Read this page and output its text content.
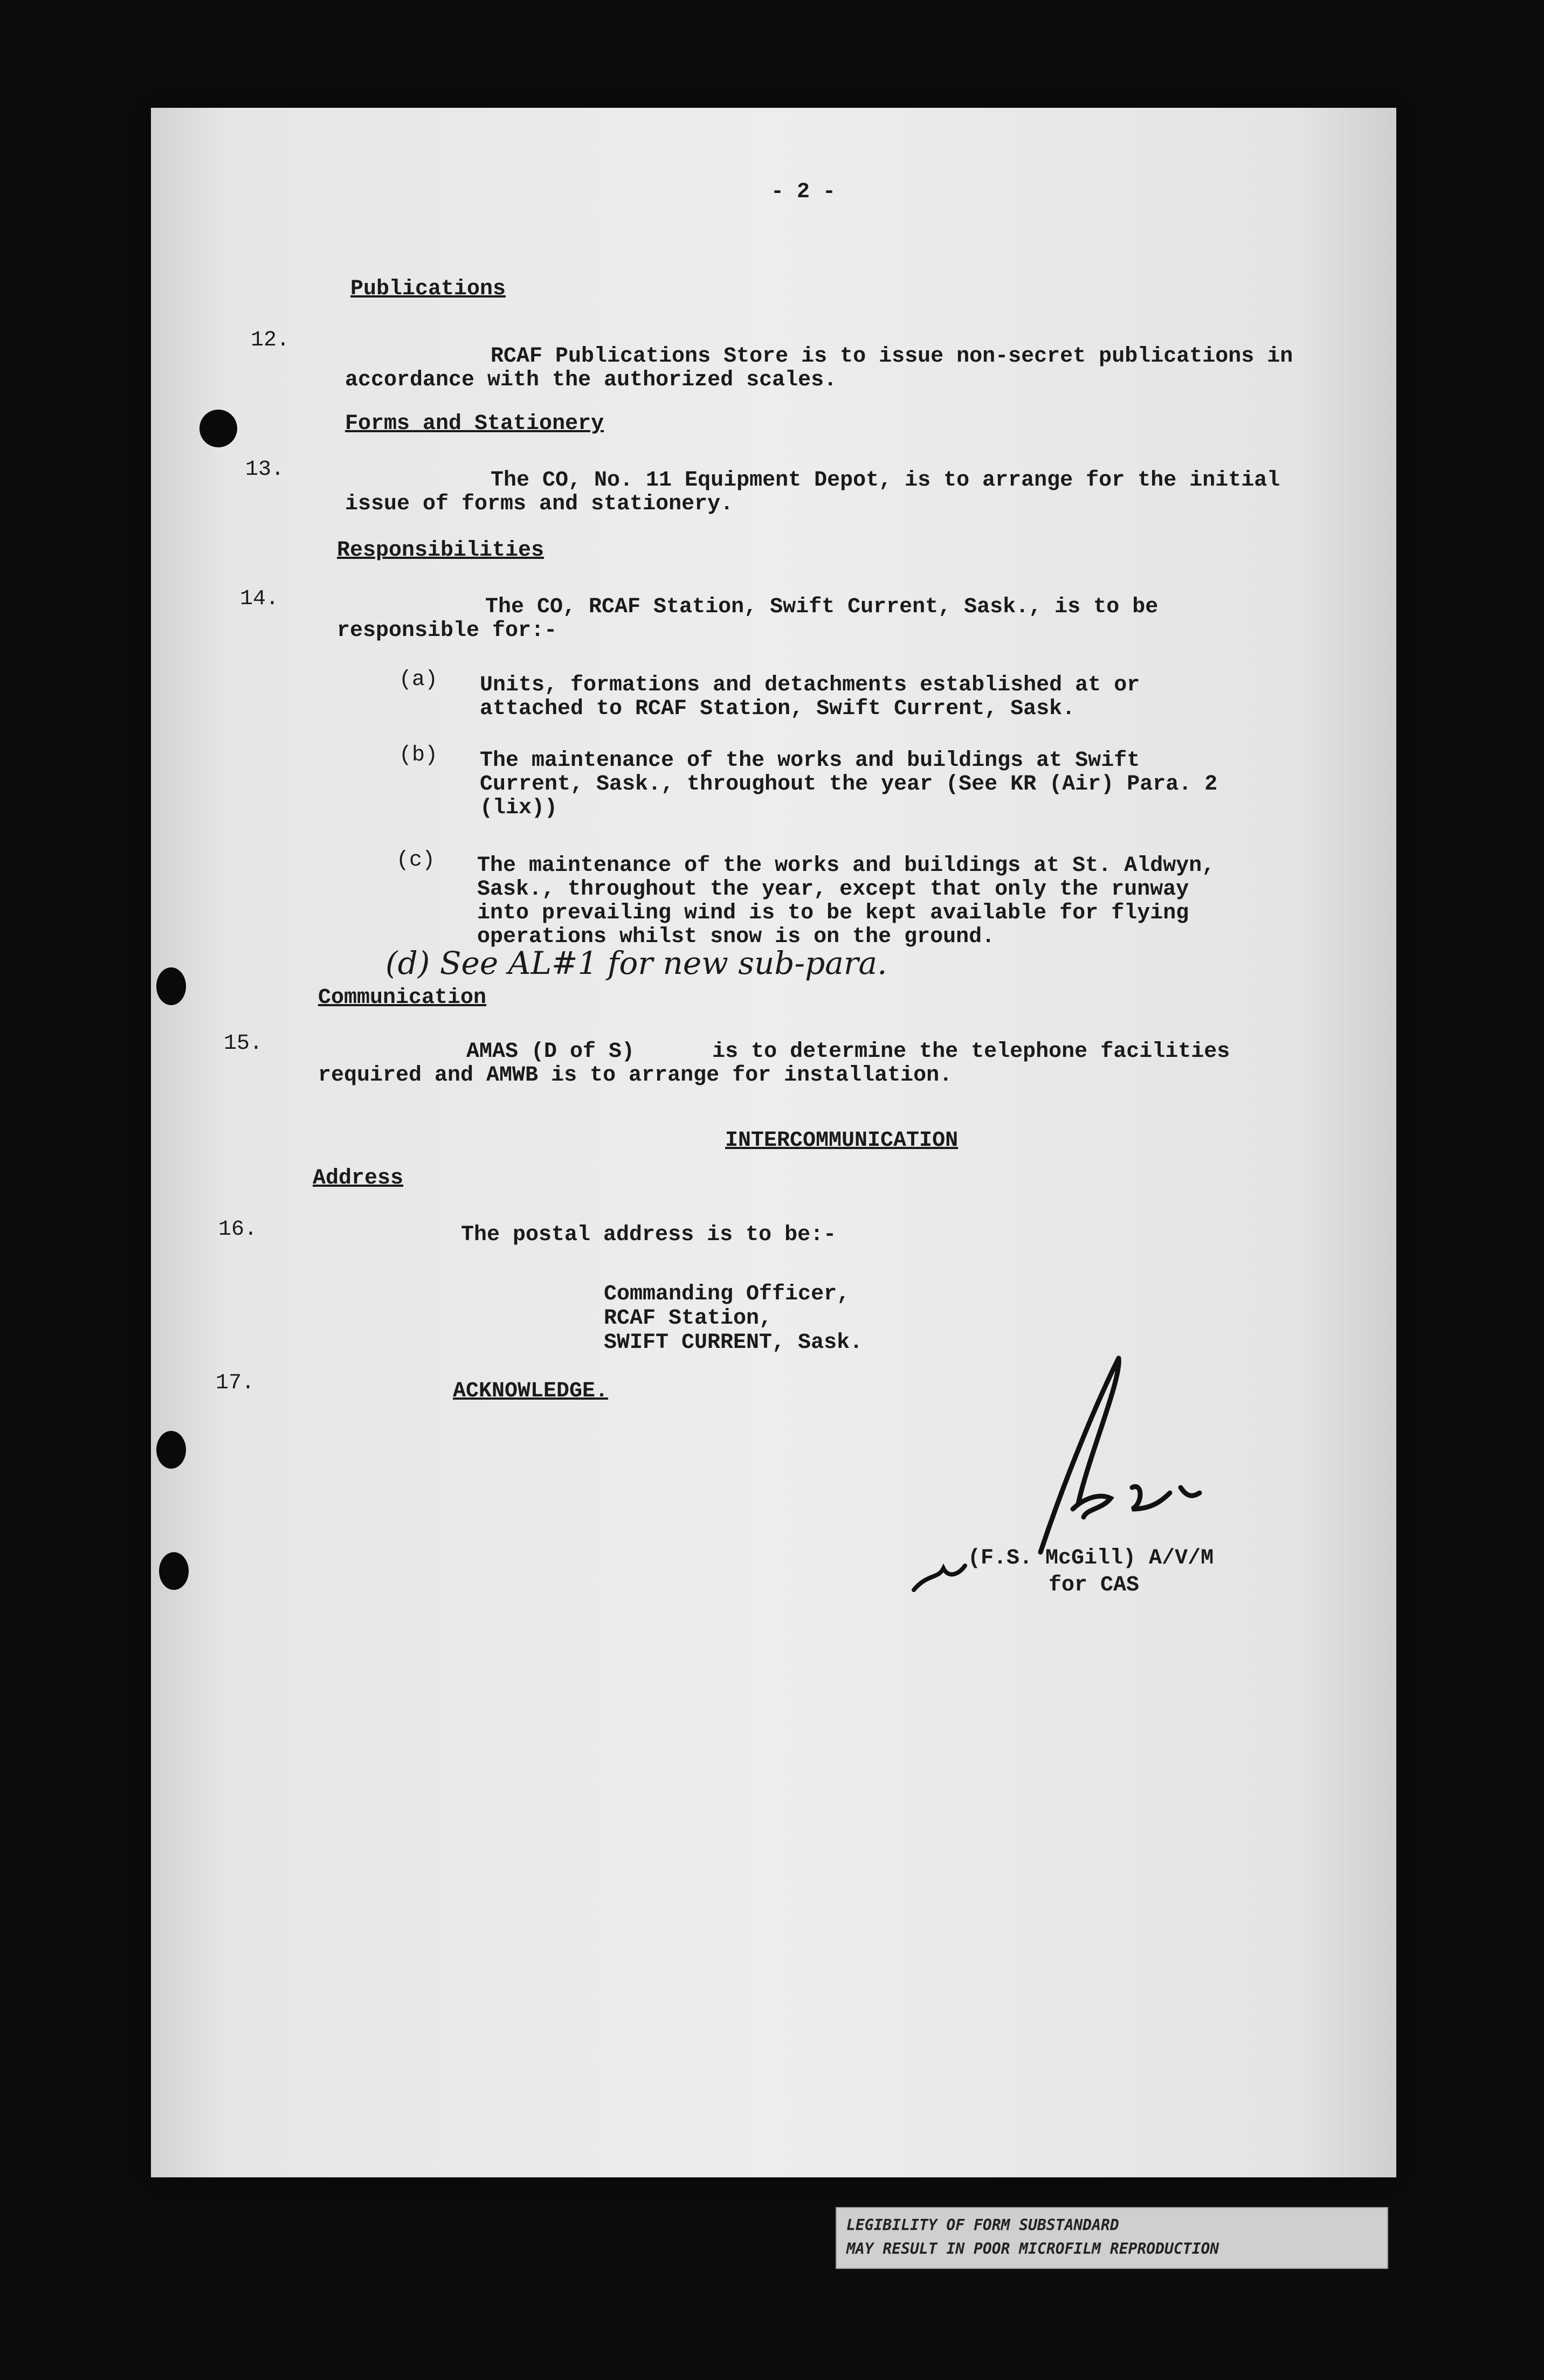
- 2 -
Publications
12.
RCAF Publications Store is to issue non-secret publications in accordance with the authorized scales.
Forms and Stationery
13.	The CO, No. 11 Equipment Depot, is to arrange for the initial issue of forms and stationery.
Responsibilities
14.	The CO, RCAF Station, Swift Current, Sask., is to be responsible for:-
(a) Units, formations and detachments established at or attached to RCAF Station, Swift Current, Sask.
(b) The maintenance of the works and buildings at Swift Current, Sask., throughout the year (See KR (Air) Para. 2 (lix))
(c) The maintenance of the works and buildings at St. Aldwyn, Sask., throughout the year, except that only the runway into prevailing wind is to be kept available for flying operations whilst snow is on the ground.
(d) See AL#1 for new sub-para.
Communication
15.	AMAS (D of S)      is to determine the telephone facilities required and AMWB is to arrange for installation.
INTERCOMMUNICATION
Address
16.	The postal address is to be:-
Commanding Officer,
RCAF Station,
SWIFT CURRENT, Sask.
17.	ACKNOWLEDGE.
(F.S. McGill) A/V/M
for CAS
LEGIBILITY OF FORM SUBSTANDARD
MAY RESULT IN POOR MICROFILM REPRODUCTION
